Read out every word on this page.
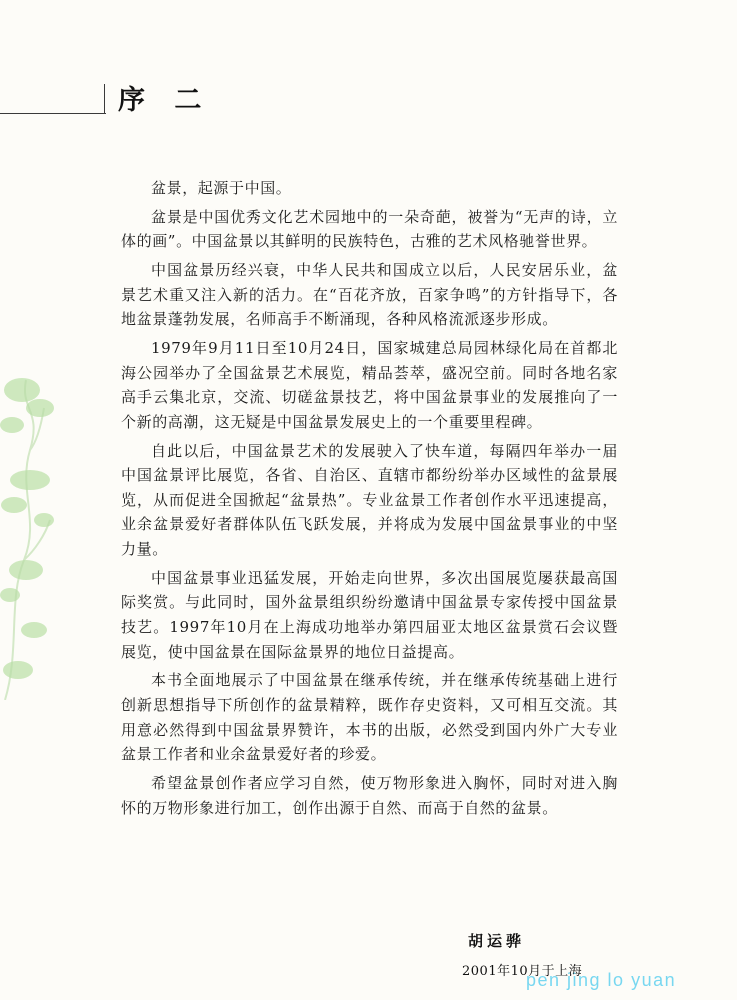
序 二

盆景，起源于中国。

盆景是中国优秀文化艺术园地中的一朵奇葩，被誉为“无声的诗，立体的画”。中国盆景以其鲜明的民族特色，古雅的艺术风格驰誉世界。

中国盆景历经兴衰，中华人民共和国成立以后，人民安居乐业，盆景艺术重又注入新的活力。在“百花齐放，百家争鸣”的方针指导下，各地盆景蓬勃发展，名师高手不断涌现，各种风格流派逐步形成。

1979年9月11日至10月24日，国家城建总局园林绿化局在首都北海公园举办了全国盆景艺术展览，精品荟萃，盛况空前。同时各地名家高手云集北京，交流、切磋盆景技艺，将中国盆景事业的发展推向了一个新的高潮，这无疑是中国盆景发展史上的一个重要里程碑。

自此以后，中国盆景艺术的发展驶入了快车道，每隔四年举办一届中国盆景评比展览，各省、自治区、直辖市都纷纷举办区域性的盆景展览，从而促进全国掀起“盆景热”。专业盆景工作者创作水平迅速提高，业余盆景爱好者群体队伍飞跃发展，并将成为发展中国盆景事业的中坚力量。

中国盆景事业迅猛发展，开始走向世界，多次出国展览屡获最高国际奖赏。与此同时，国外盆景组织纷纷邀请中国盆景专家传授中国盆景技艺。1997年10月在上海成功地举办第四届亚太地区盆景赏石会议暨展览，使中国盆景在国际盆景界的地位日益提高。

本书全面地展示了中国盆景在继承传统，并在继承传统基础上进行创新思想指导下所创作的盆景精粹，既作存史资料，又可相互交流。其用意必然得到中国盆景界赞许，本书的出版，必然受到国内外广大专业盆景工作者和业余盆景爱好者的珍爱。

希望盆景创作者应学习自然，使万物形象进入胸怀，同时对进入胸怀的万物形象进行加工，创作出源于自然、而高于自然的盆景。

胡运骅
2001年10月于上海
pen jing lo yuan
